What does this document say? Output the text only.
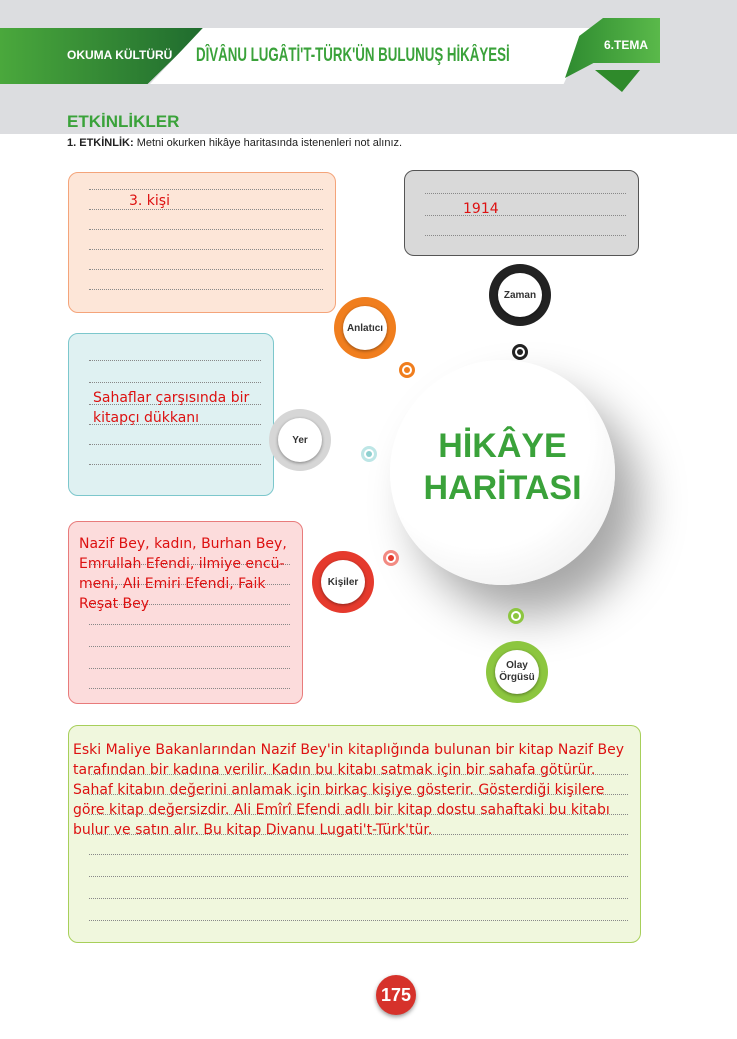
OKUMA KÜLTÜRÜ DÎVÂNU LUGÂTİ'T-TÜRK'ÜN BULUNUŞ HİKÂYESİ	6.TEMA
ETKİNLİKLER
1. ETKİNLİK: Metni okurken hikâye haritasında istenenleri not alınız.
HİKÂYE
HARİTASI
3. kişi	1914
Sahaflar çarşısında bir kitapçı dükkanı
Nazif Bey, kadın, Burhan Bey, Emrullah Efendi, ilmiye encü-meni, Ali Emiri Efendi, Faik Reşat Bey
Eski Maliye Bakanlarından Nazif Bey'in kitaplığında bulunan bir kitap Nazif Bey tarafından bir kadına verilir. Kadın bu kitabı satmak için bir sahafa götürür. Sahaf kitabın değerini anlamak için birkaç kişiye gösterir. Gösterdiği kişilere göre kitap değersizdir. Ali Emîrî Efendi adlı bir kitap dostu sahaftaki bu kitabı bulur ve satın alır. Bu kitap Divanu Lugati't-Türk'tür.
Zaman
Anlatıcı
Yer
Kişiler
Olay
Örgüsü
175
